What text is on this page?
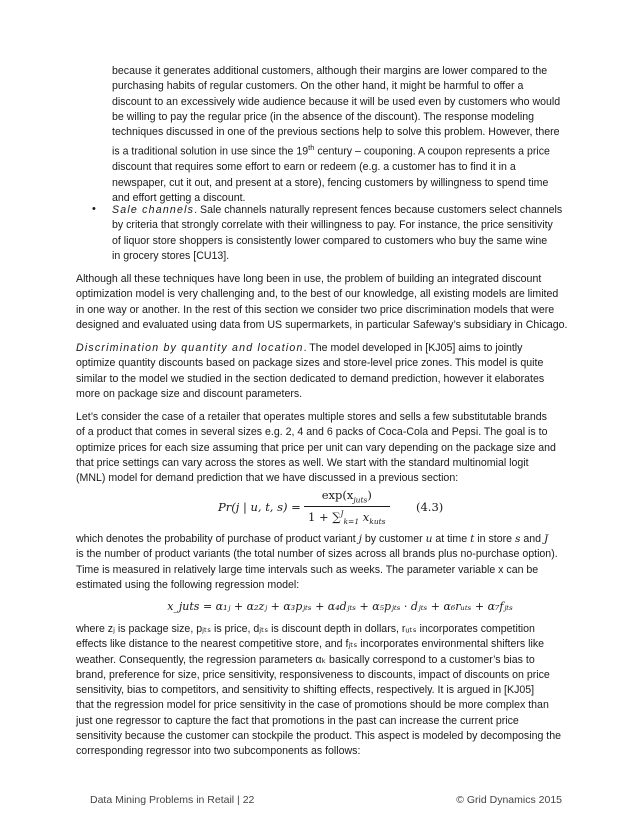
because it generates additional customers, although their margins are lower compared to the

purchasing habits of regular customers. On the other hand, it might be harmful to offer a

discount to an excessively wide audience because it will be used even by customers who would

be willing to pay the regular price (in the absence of the discount). The response modeling

techniques discussed in one of the previous sections help to solve this problem. However, there

is a traditional solution in use since the 19th century – couponing. A coupon represents a price

discount that requires some effort to earn or redeem (e.g. a customer has to find it in a

newspaper, cut it out, and present at a store), fencing customers by willingness to spend time

and effort getting a discount.

• Sale channels. Sale channels naturally represent fences because customers select channels

by criteria that strongly correlate with their willingness to pay. For instance, the price sensitivity

of liquor store shoppers is consistently lower compared to customers who buy the same wine

in grocery stores [CU13].

Although all these techniques have long been in use, the problem of building an integrated discount

optimization model is very challenging and, to the best of our knowledge, all existing models are limited

in one way or another. In the rest of this section we consider two price discrimination models that were

designed and evaluated using data from US supermarkets, in particular Safeway’s subsidiary in Chicago.

Discrimination by quantity and location. The model developed in [KJ05] aims to jointly

optimize quantity discounts based on package sizes and store-level price zones. This model is quite

similar to the model we studied in the section dedicated to demand prediction, however it elaborates

more on package size and discount parameters.

Let’s consider the case of a retailer that operates multiple stores and sells a few substitutable brands

of a product that comes in several sizes e.g. 2, 4 and 6 packs of Coca-Cola and Pepsi. The goal is to

optimize prices for each size assuming that price per unit can vary depending on the package size and

that price settings can vary across the stores as well. We start with the standard multinomial logit

(MNL) model for demand prediction that we have discussed in a previous section:

Pr(j | u, t, $s) = \frac{\exp(x_{juts})}{1 + \sum^J_{k=1} x_{kuts}} (4.3)$

which denotes the probability of purchase of product variant j by customer u at time t in store s and J

is the number of product variants (the total number of sizes across all brands plus no-purchase option).

Time is measured in relatively large time intervals such as weeks. The parameter variable x can be

estimated using the following regression model:

x_juts = α₁ⱼ + α₂zⱼ + α₃pⱼₜₛ + α₄dⱼₜₛ + α₅pⱼₜₛ · dⱼₜₛ + α₆rᵤₜₛ + α₇fⱼₜₛ

where zⱼ is package size, pⱼₜₛ is price, dⱼₜₛ is discount depth in dollars, rᵤₜₛ incorporates competition

effects like distance to the nearest competitive store, and fⱼₜₛ incorporates environmental shifters like

weather. Consequently, the regression parameters αₖ basically correspond to a customer’s bias to

brand, preference for size, price sensitivity, responsiveness to discounts, impact of discounts on price

sensitivity, bias to competitors, and sensitivity to shifting effects, respectively. It is argued in [KJ05]

that the regression model for price sensitivity in the case of promotions should be more complex than

just one regressor to capture the fact that promotions in the past can increase the current price

sensitivity because the customer can stockpile the product. This aspect is modeled by decomposing the

corresponding regressor into two subcomponents as follows:

Data Mining Problems in Retail | 22	© Grid Dynamics 2015
